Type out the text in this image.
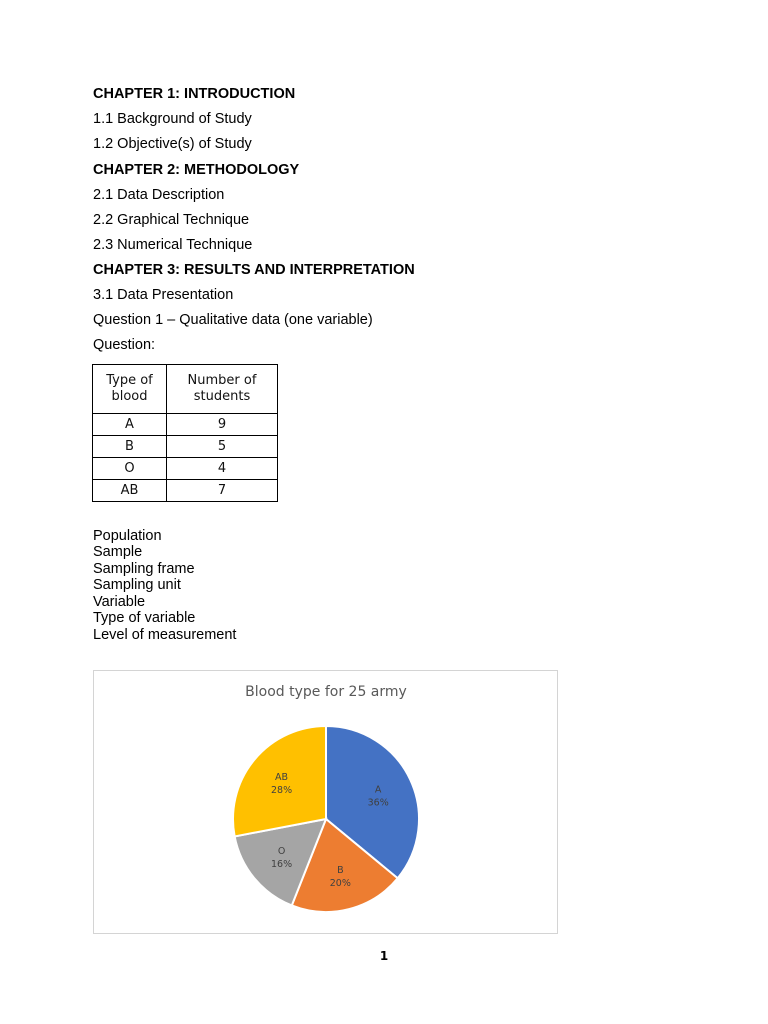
CHAPTER 1: INTRODUCTION
1.1 Background of Study
1.2 Objective(s) of Study
CHAPTER 2: METHODOLOGY
2.1 Data Description
2.2 Graphical Technique
2.3 Numerical Technique
CHAPTER 3: RESULTS AND INTERPRETATION
3.1 Data Presentation
Question 1 – Qualitative data (one variable)
Question:
Type of blood	Number of students
A	9
B	5
O	4
AB	7
Population
Sample
Sampling frame
Sampling unit
Variable
Type of variable
Level of measurement
Blood type for 25 army
A
36%
B
20%
O
16%
AB
28%
1
